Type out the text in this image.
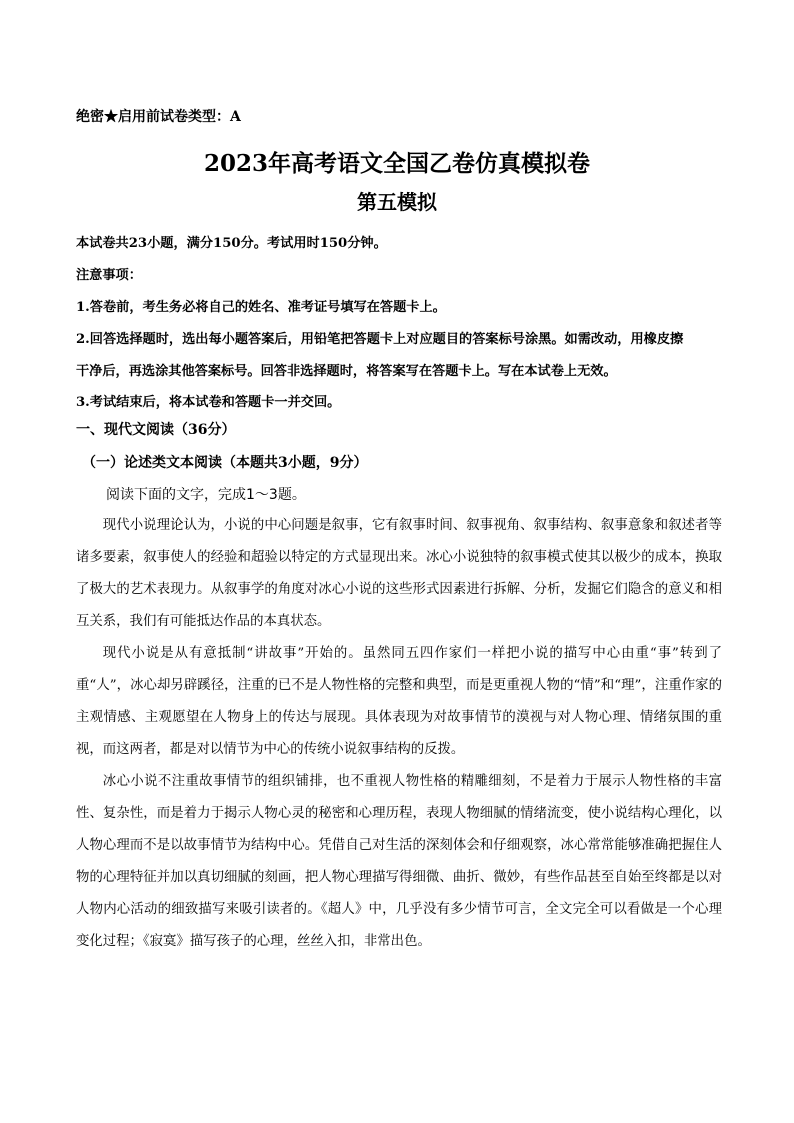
绝密★启用前试卷类型：A
2023年高考语文全国乙卷仿真模拟卷
第五模拟
本试卷共23小题，满分150分。考试用时150分钟。
注意事项：
1.答卷前，考生务必将自己的姓名、准考证号填写在答题卡上。
2.回答选择题时，选出每小题答案后，用铅笔把答题卡上对应题目的答案标号涂黑。如需改动，用橡皮擦
干净后，再选涂其他答案标号。回答非选择题时，将答案写在答题卡上。写在本试卷上无效。
3.考试结束后，将本试卷和答题卡一并交回。
一、现代文阅读（36分）
（一）论述类文本阅读（本题共3小题，9分）
阅读下面的文字，完成1～3题。

现代小说理论认为，小说的中心问题是叙事，它有叙事时间、叙事视角、叙事结构、叙事意象和叙述者等诸多要素，叙事使人的经验和超验以特定的方式显现出来。冰心小说独特的叙事模式使其以极少的成本，换取了极大的艺术表现力。从叙事学的角度对冰心小说的这些形式因素进行拆解、分析，发掘它们隐含的意义和相互关系，我们有可能抵达作品的本真状态。

现代小说是从有意抵制“讲故事”开始的。虽然同五四作家们一样把小说的描写中心由重“事”转到了重“人”，冰心却另辟蹊径，注重的已不是人物性格的完整和典型，而是更重视人物的“情”和“理”，注重作家的主观情感、主观愿望在人物身上的传达与展现。具体表现为对故事情节的漠视与对人物心理、情绪氛围的重视，而这两者，都是对以情节为中心的传统小说叙事结构的反拨。

冰心小说不注重故事情节的组织铺排，也不重视人物性格的精雕细刻，不是着力于展示人物性格的丰富性、复杂性，而是着力于揭示人物心灵的秘密和心理历程，表现人物细腻的情绪流变，使小说结构心理化，以人物心理而不是以故事情节为结构中心。凭借自己对生活的深刻体会和仔细观察，冰心常常能够准确把握住人物的心理特征并加以真切细腻的刻画，把人物心理描写得细微、曲折、微妙，有些作品甚至自始至终都是以对人物内心活动的细致描写来吸引读者的。《超人》中，几乎没有多少情节可言，全文完全可以看做是一个心理变化过程；《寂寞》描写孩子的心理，丝丝入扣，非常出色。
